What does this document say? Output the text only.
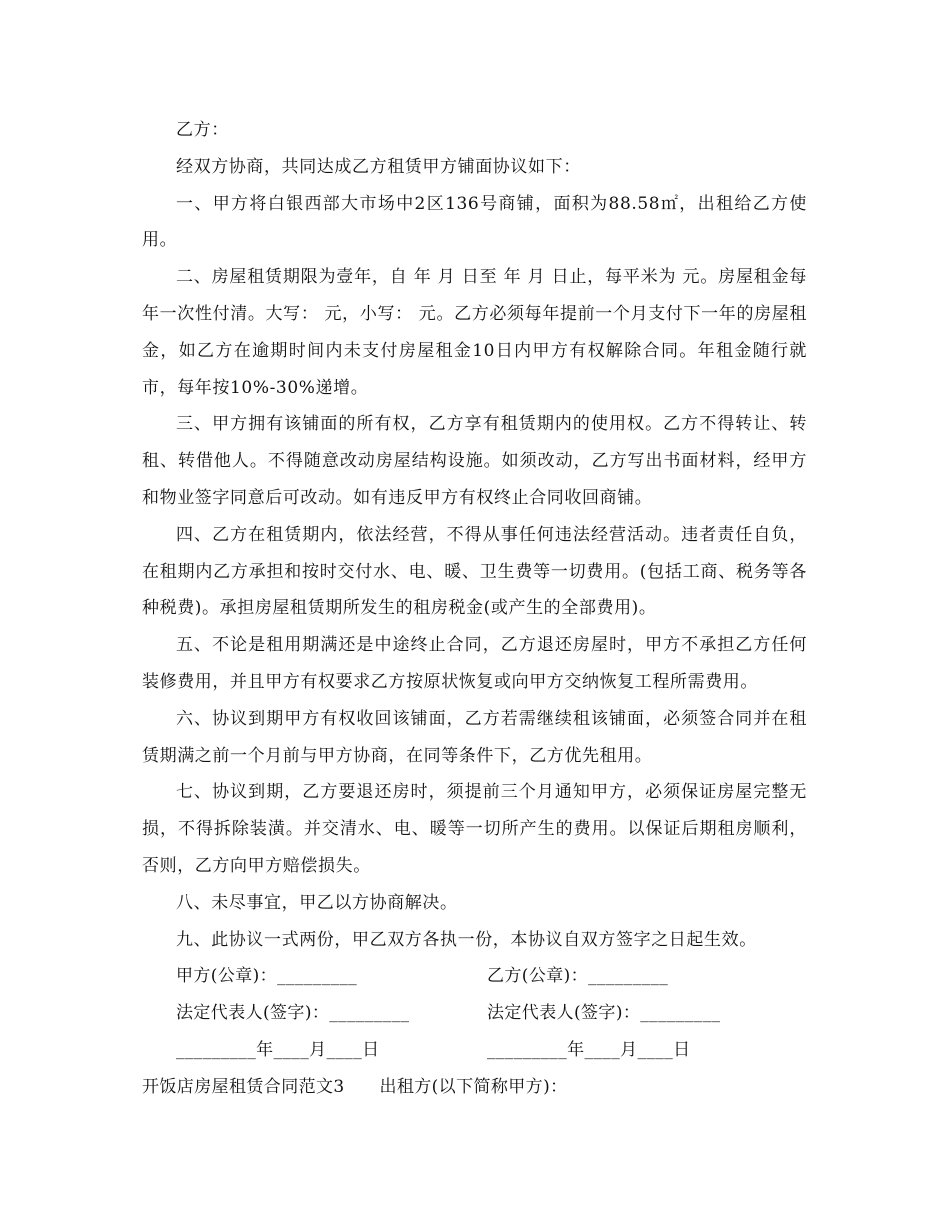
乙方：

经双方协商，共同达成乙方租赁甲方铺面协议如下：

一、甲方将白银西部大市场中2区136号商铺，面积为88.58㎡，出租给乙方使用。

二、房屋租赁期限为壹年，自 年 月 日至 年 月 日止，每平米为 元。房屋租金每年一次性付清。大写： 元，小写： 元。乙方必须每年提前一个月支付下一年的房屋租金，如乙方在逾期时间内未支付房屋租金10日内甲方有权解除合同。年租金随行就市，每年按10%-30%递增。

三、甲方拥有该铺面的所有权，乙方享有租赁期内的使用权。乙方不得转让、转租、转借他人。不得随意改动房屋结构设施。如须改动，乙方写出书面材料，经甲方和物业签字同意后可改动。如有违反甲方有权终止合同收回商铺。

四、乙方在租赁期内，依法经营，不得从事任何违法经营活动。违者责任自负，在租期内乙方承担和按时交付水、电、暖、卫生费等一切费用。(包括工商、税务等各种税费)。承担房屋租赁期所发生的租房税金(或产生的全部费用)。

五、不论是租用期满还是中途终止合同，乙方退还房屋时，甲方不承担乙方任何装修费用，并且甲方有权要求乙方按原状恢复或向甲方交纳恢复工程所需费用。

六、协议到期甲方有权收回该铺面，乙方若需继续租该铺面，必须签合同并在租赁期满之前一个月前与甲方协商，在同等条件下，乙方优先租用。

七、协议到期，乙方要退还房时，须提前三个月通知甲方，必须保证房屋完整无损，不得拆除装潢。并交清水、电、暖等一切所产生的费用。以保证后期租房顺利，否则，乙方向甲方赔偿损失。

八、未尽事宜，甲乙以方协商解决。

九、此协议一式两份，甲乙双方各执一份，本协议自双方签字之日起生效。

甲方(公章)：_________	乙方(公章)：_________
法定代表人(签字)：_________	法定代表人(签字)：_________
_________年____月____日	_________年____月____日
开饭店房屋租赁合同范文3 出租方(以下简称甲方)：
